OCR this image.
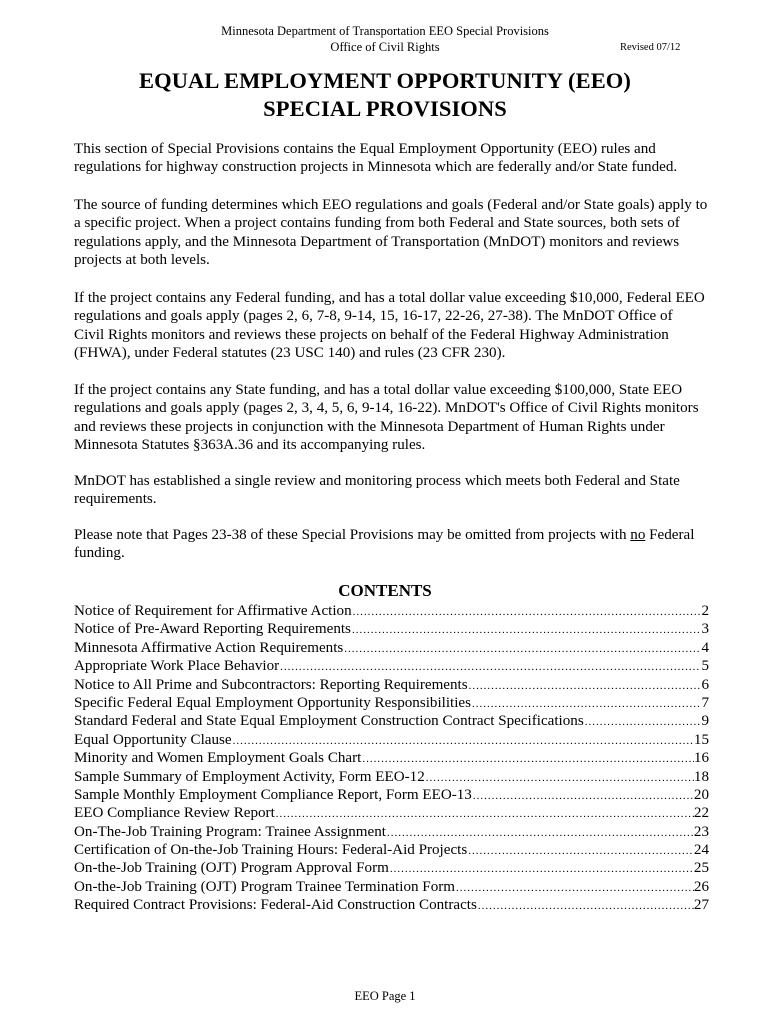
Minnesota Department of Transportation EEO Special Provisions
Office of Civil Rights	Revised 07/12
EQUAL EMPLOYMENT OPPORTUNITY (EEO)
SPECIAL PROVISIONS

This section of Special Provisions contains the Equal Employment Opportunity (EEO) rules and
regulations for highway construction projects in Minnesota which are federally and/or State funded.

The source of funding determines which EEO regulations and goals (Federal and/or State goals) apply to
a specific project. When a project contains funding from both Federal and State sources, both sets of
regulations apply, and the Minnesota Department of Transportation (MnDOT) monitors and reviews
projects at both levels.

If the project contains any Federal funding, and has a total dollar value exceeding $10,000, Federal EEO
regulations and goals apply (pages 2, 6, 7-8, 9-14, 15, 16-17, 22-26, 27-38). The MnDOT Office of
Civil Rights monitors and reviews these projects on behalf of the Federal Highway Administration
(FHWA), under Federal statutes (23 USC 140) and rules (23 CFR 230).

If the project contains any State funding, and has a total dollar value exceeding $100,000, State EEO
regulations and goals apply (pages 2, 3, 4, 5, 6, 9-14, 16-22). MnDOT's Office of Civil Rights monitors
and reviews these projects in conjunction with the Minnesota Department of Human Rights under
Minnesota Statutes §363A.36 and its accompanying rules.

MnDOT has established a single review and monitoring process which meets both Federal and State
requirements.

Please note that Pages 23-38 of these Special Provisions may be omitted from projects with no Federal
funding.

CONTENTS
Notice of Requirement for Affirmative Action .....	2
Notice of Pre-Award Reporting Requirements .....	3
Minnesota Affirmative Action Requirements .....	4
Appropriate Work Place Behavior .....	5
Notice to All Prime and Subcontractors: Reporting Requirements .....	6
Specific Federal Equal Employment Opportunity Responsibilities .....	7
Standard Federal and State Equal Employment Construction Contract Specifications .....	9
Equal Opportunity Clause .....	15
Minority and Women Employment Goals Chart .....	16
Sample Summary of Employment Activity, Form EEO-12 .....	18
Sample Monthly Employment Compliance Report, Form EEO-13 .....	20
EEO Compliance Review Report .....	22
On-The-Job Training Program: Trainee Assignment .....	23
Certification of On-the-Job Training Hours: Federal-Aid Projects .....	24
On-the-Job Training (OJT) Program Approval Form .....	25
On-the-Job Training (OJT) Program Trainee Termination Form .....	26
Required Contract Provisions: Federal-Aid Construction Contracts .....	27
EEO Page 1
